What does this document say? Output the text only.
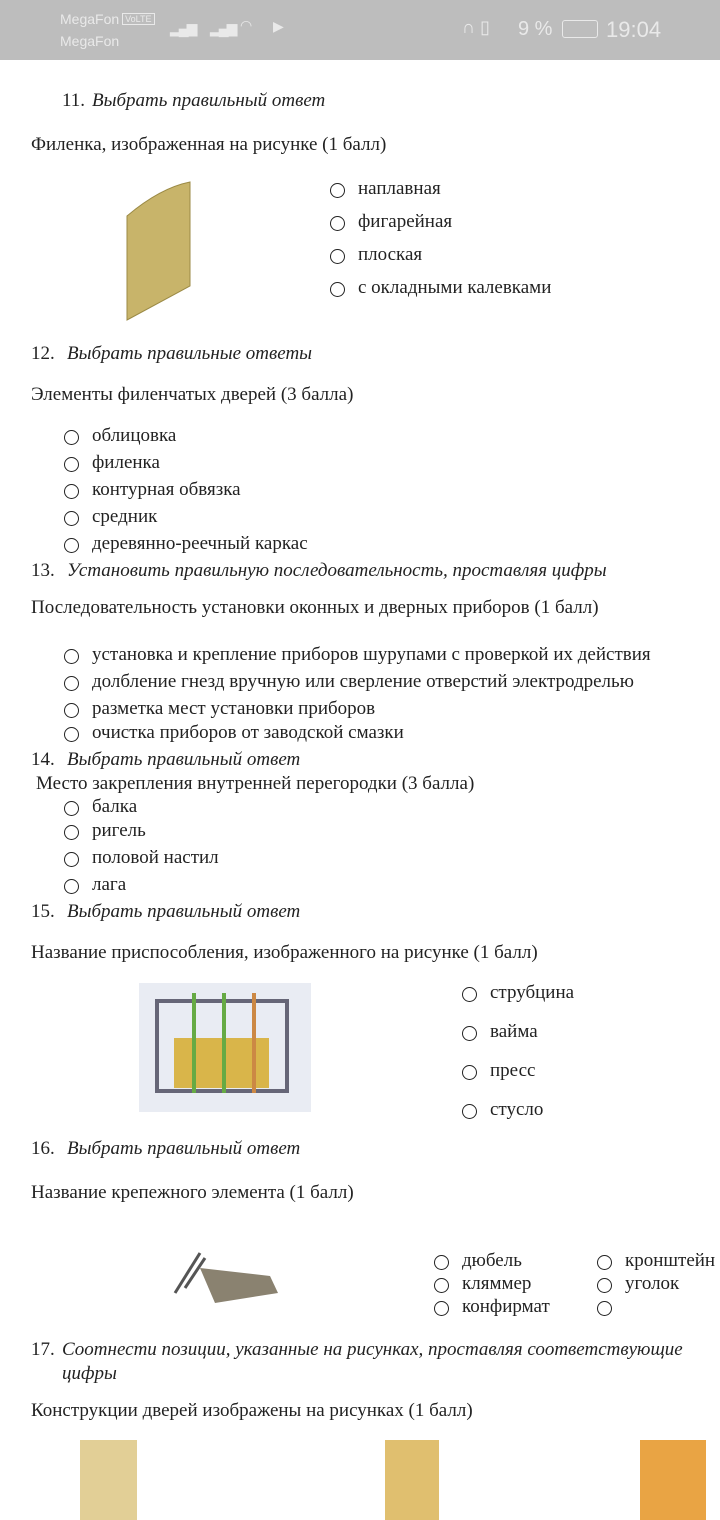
MegaFon VoLTE
MegaFon
▂▄▆ ▂▄▆ ◠ ▶	∩ ▯ 9 % 19:04
11. Выбрать правильный ответ
Филенка, изображенная на рисунке (1 балл)
наплавная
фигарейная
плоская
с окладными калевками
12. Выбрать правильные ответы
Элементы филенчатых дверей (3 балла)
облицовка
филенка
контурная обвязка
средник
деревянно-реечный каркас
13. Установить правильную последовательность, проставляя цифры
Последовательность установки оконных и дверных приборов (1 балл)
установка и крепление приборов шурупами с проверкой их действия
долбление гнезд вручную или сверление отверстий электродрелью
разметка мест установки приборов
очистка приборов от заводской смазки
14. Выбрать правильный ответ
Место закрепления внутренней перегородки (3 балла)
балка
ригель
половой настил
лага
15. Выбрать правильный ответ
Название приспособления, изображенного на рисунке (1 балл)
струбцина
вайма
пресс
стусло
16. Выбрать правильный ответ
Название крепежного элемента (1 балл)
дюбель
кляммер
конфирмат
кронштейн
уголок
17. Соотнести позиции, указанные на рисунках, проставляя соответствующие цифры
Конструкции дверей изображены на рисунках (1 балл)
